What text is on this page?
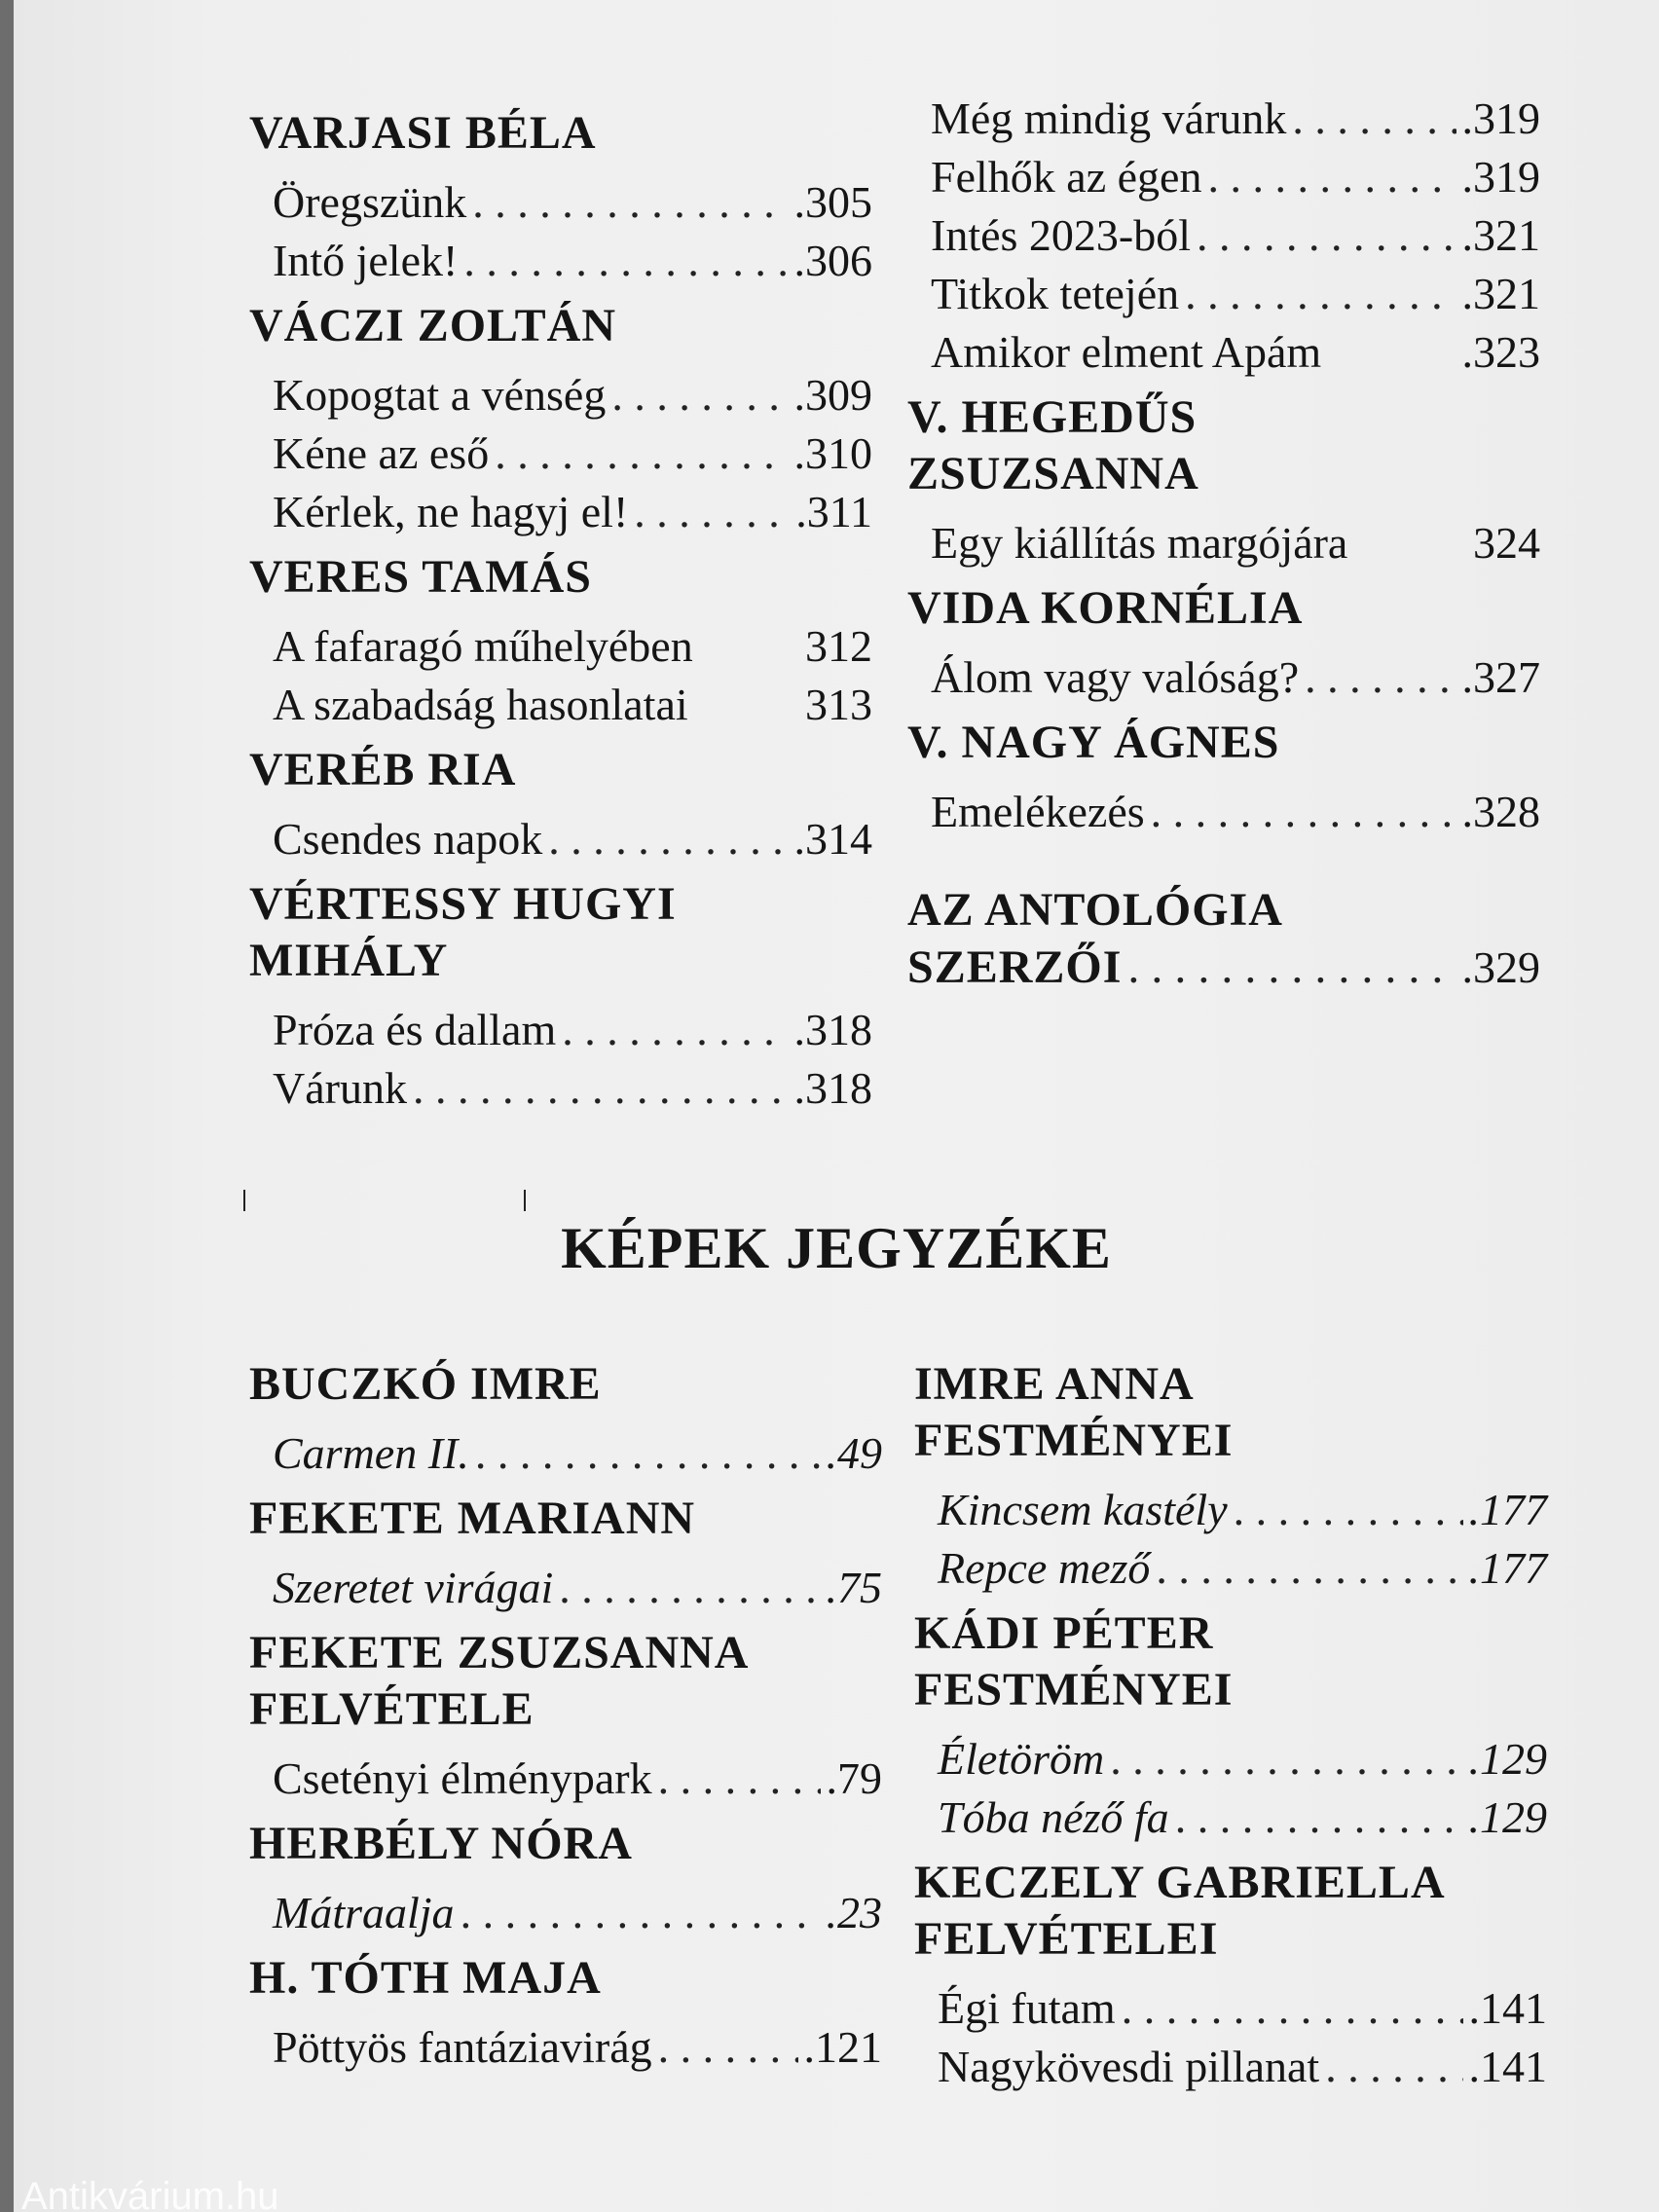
VARJASI BÉLA
Öregszünk . . .	.305
Intő jelek! . . .	.306
VÁCZI ZOLTÁN
Kopogtat a vénség . . .	.309
Kéne az eső . . .	.310
Kérlek, ne hagyj el! . . .	.311
VERES TAMÁS
A fafaragó műhelyében	312
A szabadság hasonlatai	313
VERÉB RIA
Csendes napok . . .	.314
VÉRTESSY HUGYI MIHÁLY
Próza és dallam . . .	.318
Várunk . . .	.318
Még mindig várunk . . .	.319
Felhők az égen . . .	.319
Intés 2023-ból . . .	.321
Titkok tetején . . .	.321
Amikor elment Apám	.323
V. HEGEDŰS ZSUZSANNA
Egy kiállítás margójára	324
VIDA KORNÉLIA
Álom vagy valóság? . . .	.327
V. NAGY ÁGNES
Emelékezés . . .	.328
AZ ANTOLÓGIA
SZERZŐI . . .	.329
KÉPEK JEGYZÉKE
BUCZKÓ IMRE
Carmen II. . . .	.49
FEKETE MARIANN
Szeretet virágai . . .	.75
FEKETE ZSUZSANNA FELVÉTELE
Csetényi élménypark . . .	.79
HERBÉLY NÓRA
Mátraalja . . .	.23
H. TÓTH MAJA
Pöttyös fantáziavirág . . .	.121
IMRE ANNA FESTMÉNYEI
Kincsem kastély . . .	.177
Repce mező . . .	.177
KÁDI PÉTER FESTMÉNYEI
Életöröm . . .	.129
Tóba néző fa . . .	.129
KECZELY GABRIELLA FELVÉTELEI
Égi futam . . .	.141
Nagykövesdi pillanat . . .	.141
Antikvárium.hu
